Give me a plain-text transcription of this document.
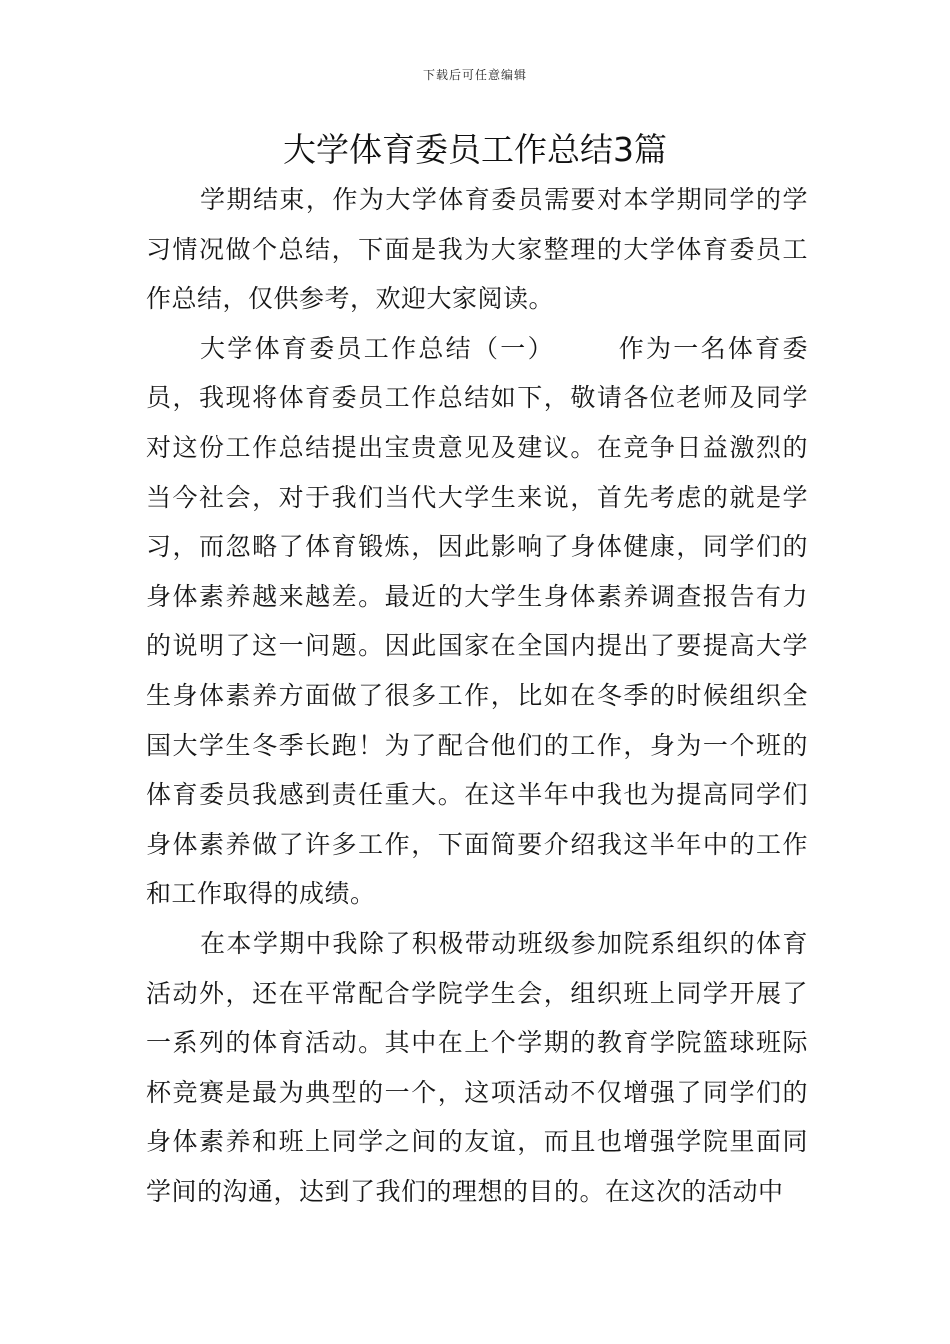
下载后可任意编辑
大学体育委员工作总结3篇

学期结束，作为大学体育委员需要对本学期同学的学习情况做个总结，下面是我为大家整理的大学体育委员工作总结，仅供参考，欢迎大家阅读。

大学体育委员工作总结（一） 作为一名体育委员，我现将体育委员工作总结如下，敬请各位老师及同学对这份工作总结提出宝贵意见及建议。在竞争日益激烈的当今社会，对于我们当代大学生来说，首先考虑的就是学习，而忽略了体育锻炼，因此影响了身体健康，同学们的身体素养越来越差。最近的大学生身体素养调查报告有力的说明了这一问题。因此国家在全国内提出了要提高大学生身体素养方面做了很多工作，比如在冬季的时候组织全国大学生冬季长跑！为了配合他们的工作，身为一个班的体育委员我感到责任重大。在这半年中我也为提高同学们身体素养做了许多工作，下面简要介绍我这半年中的工作和工作取得的成绩。

在本学期中我除了积极带动班级参加院系组织的体育活动外，还在平常配合学院学生会，组织班上同学开展了一系列的体育活动。其中在上个学期的教育学院篮球班际杯竞赛是最为典型的一个，这项活动不仅增强了同学们的身体素养和班上同学之间的友谊，而且也增强学院里面同学间的沟通，达到了我们的理想的目的。在这次的活动中
